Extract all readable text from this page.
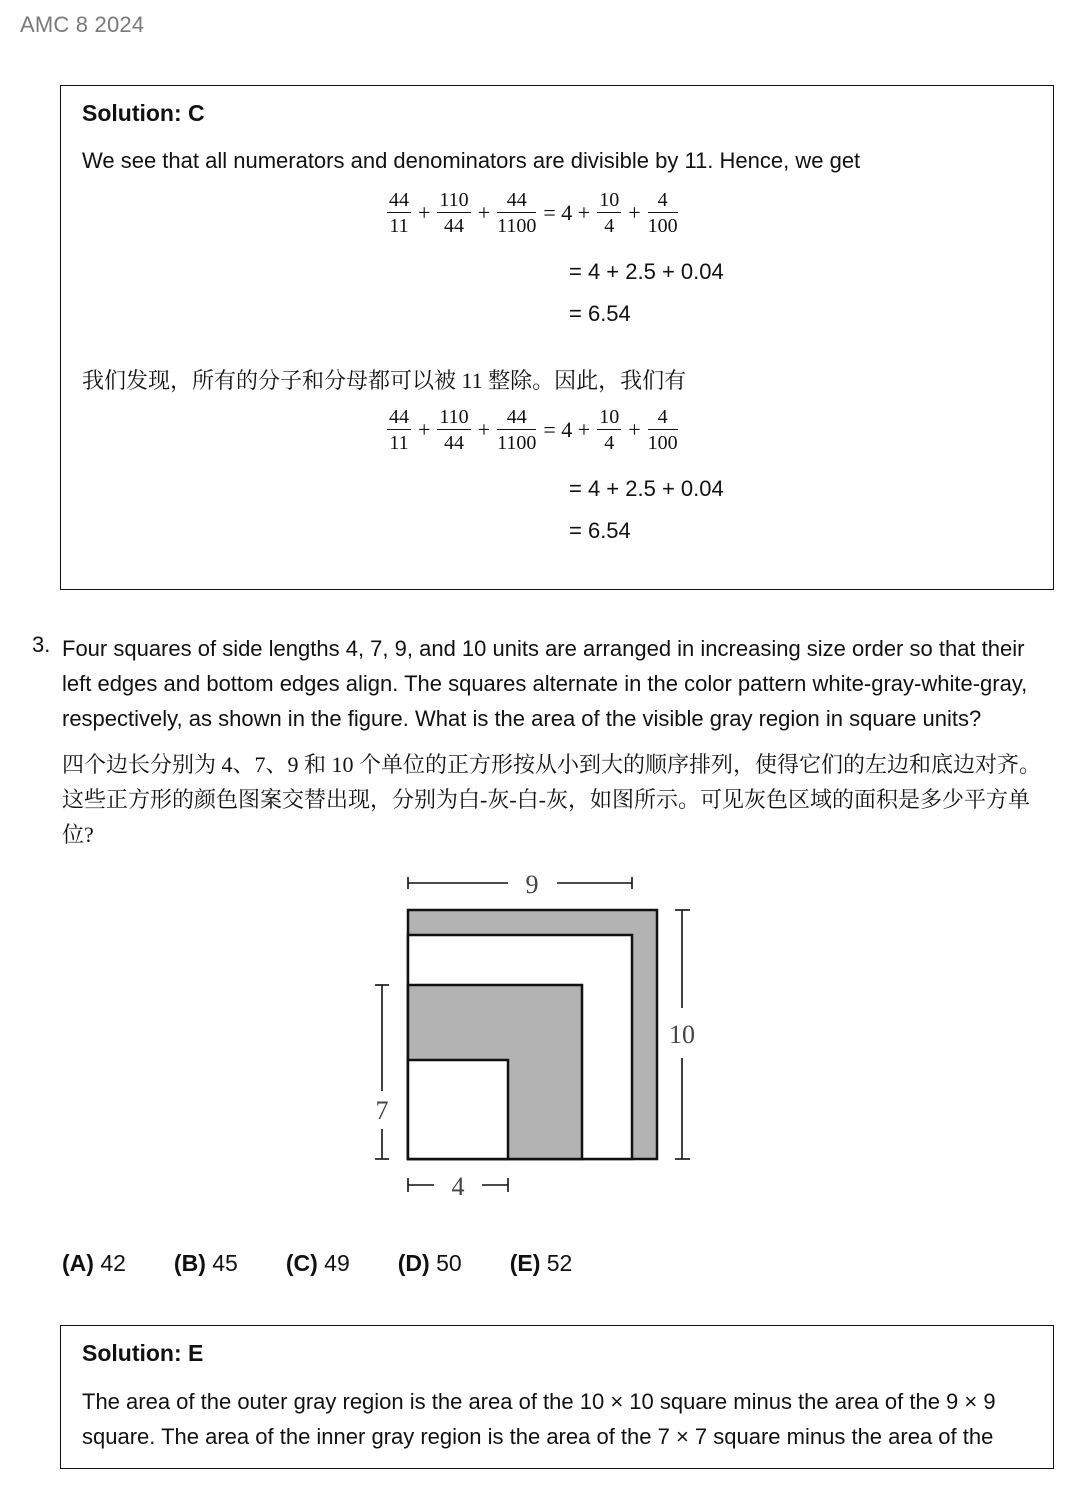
AMC 8 2024
Solution: C
We see that all numerators and denominators are divisible by 11. Hence, we get
$\frac{44}{11} + \frac{110}{44} + \frac{44}{1100} = 4 + \frac{10}{4} + \frac{4}{100}$
= 4 + 2.5 + 0.04
= 6.54
我们发现，所有的分子和分母都可以被 11 整除。因此，我们有
$\frac{44}{11} + \frac{110}{44} + \frac{44}{1100} = 4 + \frac{10}{4} + \frac{4}{100}$
= 4 + 2.5 + 0.04
= 6.54
3. Four squares of side lengths 4, 7, 9, and 10 units are arranged in increasing size order so that their left edges and bottom edges align. The squares alternate in the color pattern white-gray-white-gray, respectively, as shown in the figure. What is the area of the visible gray region in square units?
四个边长分别为 4、7、9 和 10 个单位的正方形按从小到大的顺序排列，使得它们的左边和底边对齐。这些正方形的颜色图案交替出现，分别为白-灰-白-灰，如图所示。可见灰色区域的面积是多少平方单位?
9
10
7
4
(A) 42 (B) 45 (C) 49 (D) 50 (E) 52
Solution: E
The area of the outer gray region is the area of the 10 × 10 square minus the area of the 9 × 9 square. The area of the inner gray region is the area of the 7 × 7 square minus the area of the
